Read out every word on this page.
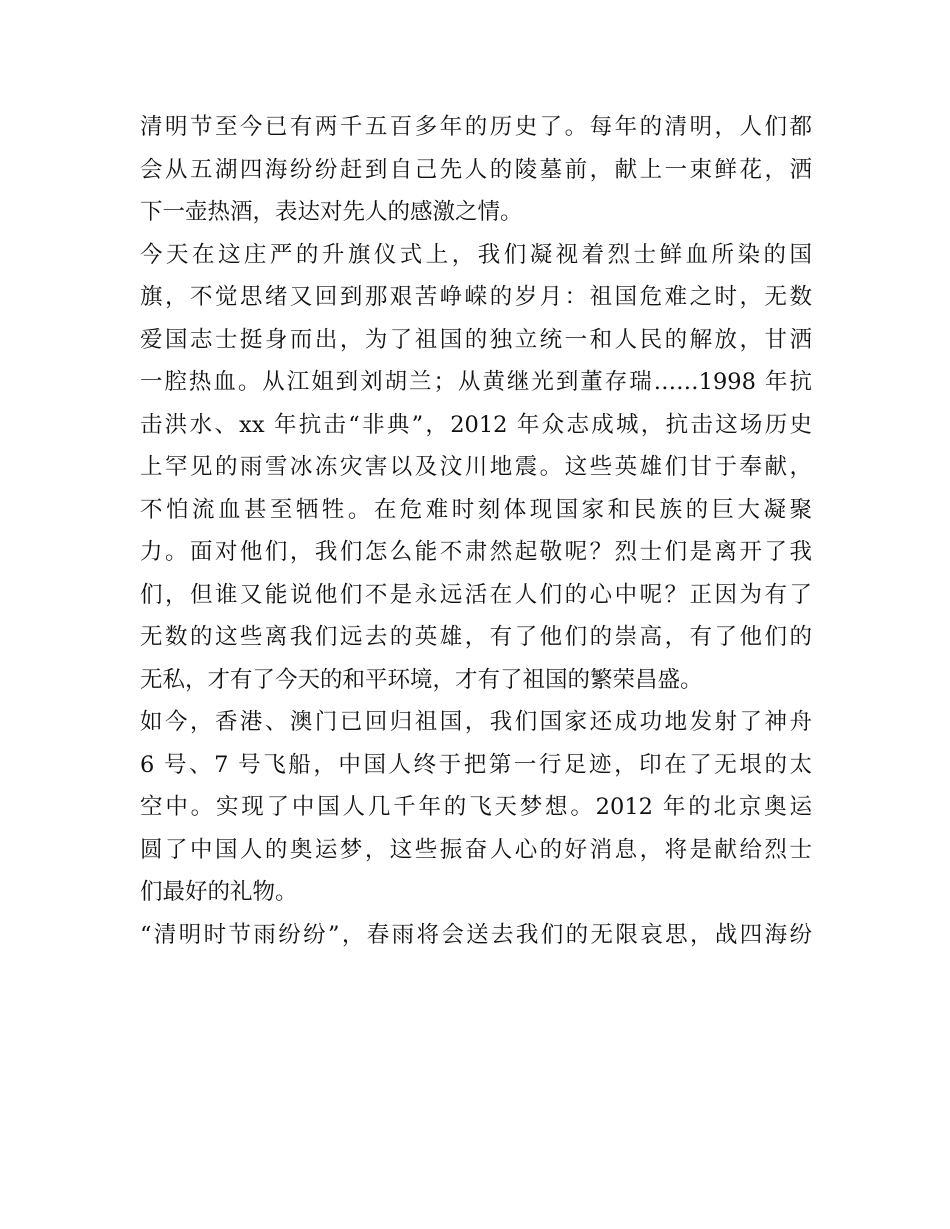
清明节至今已有两千五百多年的历史了。每年的清明，人们都
会从五湖四海纷纷赶到自己先人的陵墓前，献上一束鲜花，洒
下一壶热酒，表达对先人的感激之情。
今天在这庄严的升旗仪式上，我们凝视着烈士鲜血所染的国
旗，不觉思绪又回到那艰苦峥嵘的岁月：祖国危难之时，无数
爱国志士挺身而出，为了祖国的独立统一和人民的解放，甘洒
一腔热血。从江姐到刘胡兰；从黄继光到董存瑞……1998 年抗
击洪水、xx 年抗击“非典”，2012 年众志成城，抗击这场历史
上罕见的雨雪冰冻灾害以及汶川地震。这些英雄们甘于奉献，
不怕流血甚至牺牲。在危难时刻体现国家和民族的巨大凝聚
力。面对他们，我们怎么能不肃然起敬呢？烈士们是离开了我
们，但谁又能说他们不是永远活在人们的心中呢？正因为有了
无数的这些离我们远去的英雄，有了他们的崇高，有了他们的
无私，才有了今天的和平环境，才有了祖国的繁荣昌盛。
如今，香港、澳门已回归祖国，我们国家还成功地发射了神舟
6 号、7 号飞船，中国人终于把第一行足迹，印在了无垠的太
空中。实现了中国人几千年的飞天梦想。2012 年的北京奥运
圆了中国人的奥运梦，这些振奋人心的好消息，将是献给烈士
们最好的礼物。
“清明时节雨纷纷”，春雨将会送去我们的无限哀思，战四海纷
